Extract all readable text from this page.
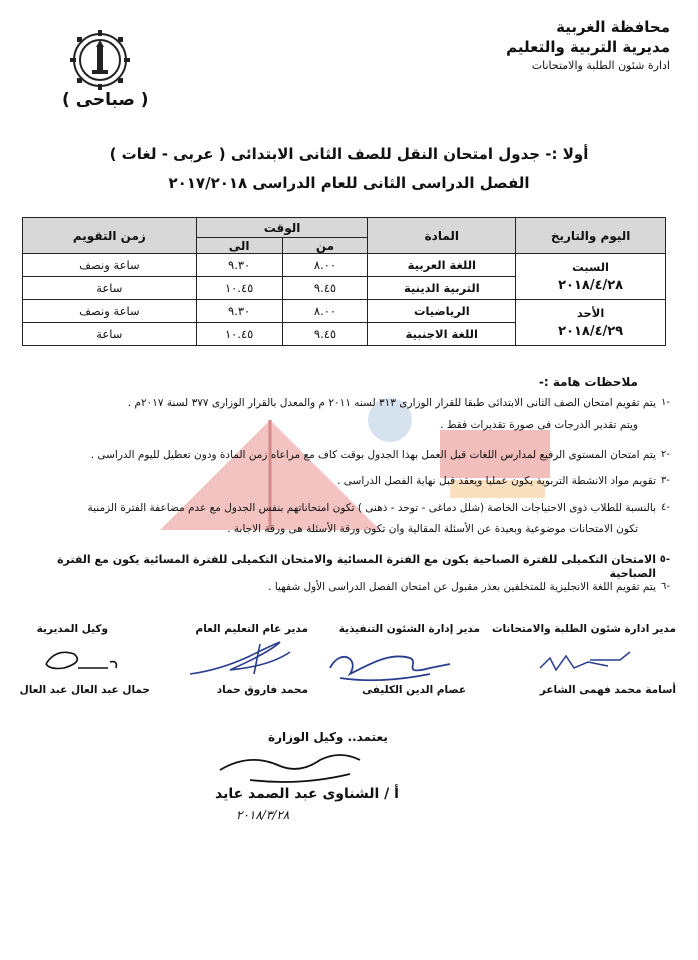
محافظة الغربية
مديرية التربية والتعليم
ادارة شئون الطلبة والامتحانات
( صباحى )
أولا :- جدول امتحان النقل للصف الثانى الابتدائى ( عربى - لغات )
الفصل الدراسى الثانى للعام الدراسى ٢٠١٧/٢٠١٨
اليوم والتاريخ	المادة	الوقت		زمن التقويم
		من	الى	

السبت
٢٠١٨/٤/٢٨	اللغة العربية	٨.٠٠	٩.٣٠	ساعة ونصف
	التربية الدينية	٩.٤٥	١٠.٤٥	ساعة

الأحد
٢٠١٨/٤/٢٩	الرياضيات	٨.٠٠	٩.٣٠	ساعة ونصف
	اللغة الاجنبية	٩.٤٥	١٠.٤٥	ساعة
ملاحظات هامة :-
-١
يتم تقويم امتحان الصف الثانى الابتدائى طبقا للقرار الوزارى ٣١٣ لسنه ٢٠١١ م والمعدل بالقرار الوزارى ٣٧٧ لسنة ٢٠١٧م .
ويتم تقدير الدرجات فى صورة تقديرات فقط .
-٢
يتم امتحان المستوى الرفيع لمدارس اللغات قبل العمل بهذا الجدول بوقت كاف مع مراعاه زمن المادة ودون تعطيل لليوم الدراسى .
-٣
تقويم مواد الانشطة التربوية يكون عمليا ويعقد قبل نهاية الفصل الدراسى .
-٤
بالنسبة للطلاب ذوى الاحتياجات الخاصة (شلل دماغى - توحد - ذهنى ) تكون امتحاناتهم بنفس الجدول مع عدم مضاعفة الفترة الزمنية
تكون الامتحانات موضوعية وبعيدة عن الأسئلة المقالية وان تكون ورقة الأسئلة هى ورقة الاجابة .
-٥
الامتحان التكميلى للفترة الصباحية يكون مع الفترة المسائية والامتحان التكميلى للفترة المسائية يكون مع الفترة الصباحية
-٦
يتم تقويم اللغة الانجليزية للمتخلفين بعذر مقبول عن امتحان الفصل الدراسى الأول شفهيا .
مدير ادارة شئون الطلبة والامتحانات
مدير إدارة الشئون التنفيذية
مدير عام التعليم العام
وكيل المديرية
أسامة محمد فهمى الشاعر
عصام الدين الكليفى
محمد فاروق حماد
جمال عبد العال عبد العال
يعتمد.. وكيل الوزارة
أ / الشناوى عبد الصمد عايد
٢٠١٨/٣/٢٨
